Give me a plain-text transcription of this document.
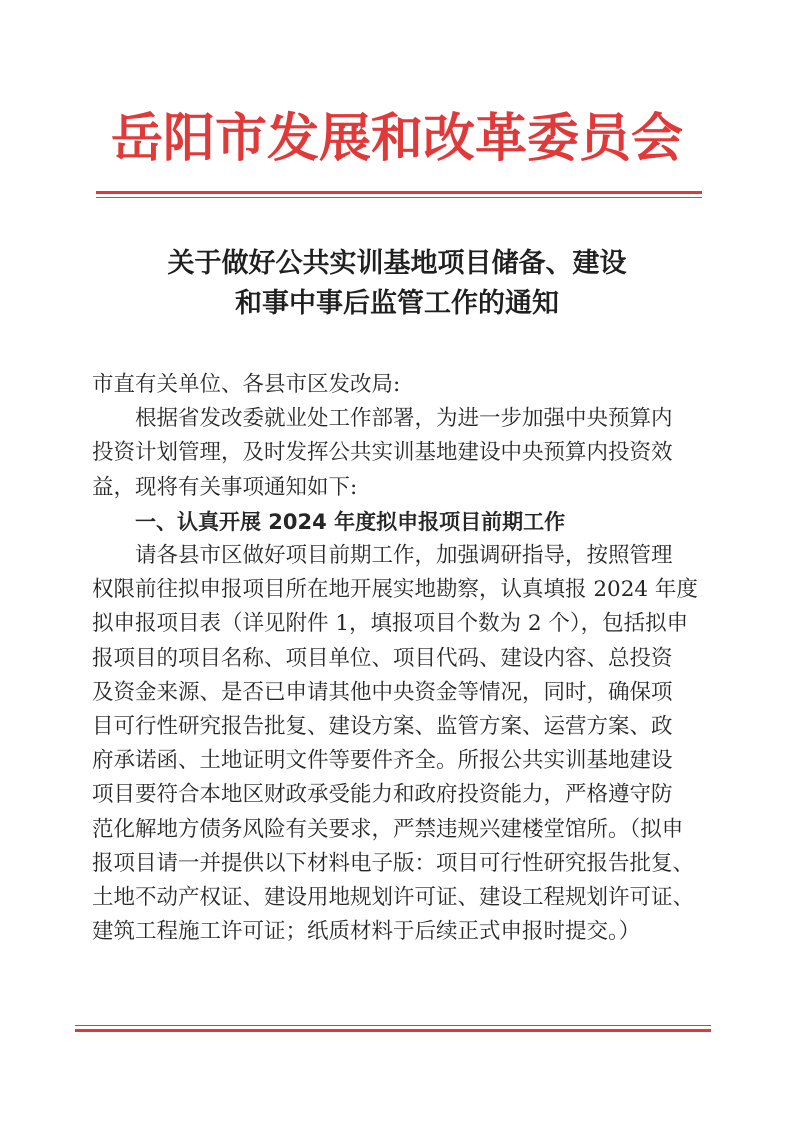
岳阳市发展和改革委员会
关于做好公共实训基地项目储备、建设
和事中事后监管工作的通知

市直有关单位、各县市区发改局:

根据省发改委就业处工作部署，为进一步加强中央预算内

投资计划管理，及时发挥公共实训基地建设中央预算内投资效

益，现将有关事项通知如下:

一、认真开展 2024 年度拟申报项目前期工作

请各县市区做好项目前期工作，加强调研指导，按照管理

权限前往拟申报项目所在地开展实地勘察，认真填报 2024 年度

拟申报项目表（详见附件 1，填报项目个数为 2 个），包括拟申

报项目的项目名称、项目单位、项目代码、建设内容、总投资

及资金来源、是否已申请其他中央资金等情况，同时，确保项

目可行性研究报告批复、建设方案、监管方案、运营方案、政

府承诺函、土地证明文件等要件齐全。所报公共实训基地建设

项目要符合本地区财政承受能力和政府投资能力，严格遵守防

范化解地方债务风险有关要求，严禁违规兴建楼堂馆所。（拟申

报项目请一并提供以下材料电子版：项目可行性研究报告批复、

土地不动产权证、建设用地规划许可证、建设工程规划许可证、

建筑工程施工许可证；纸质材料于后续正式申报时提交。）
